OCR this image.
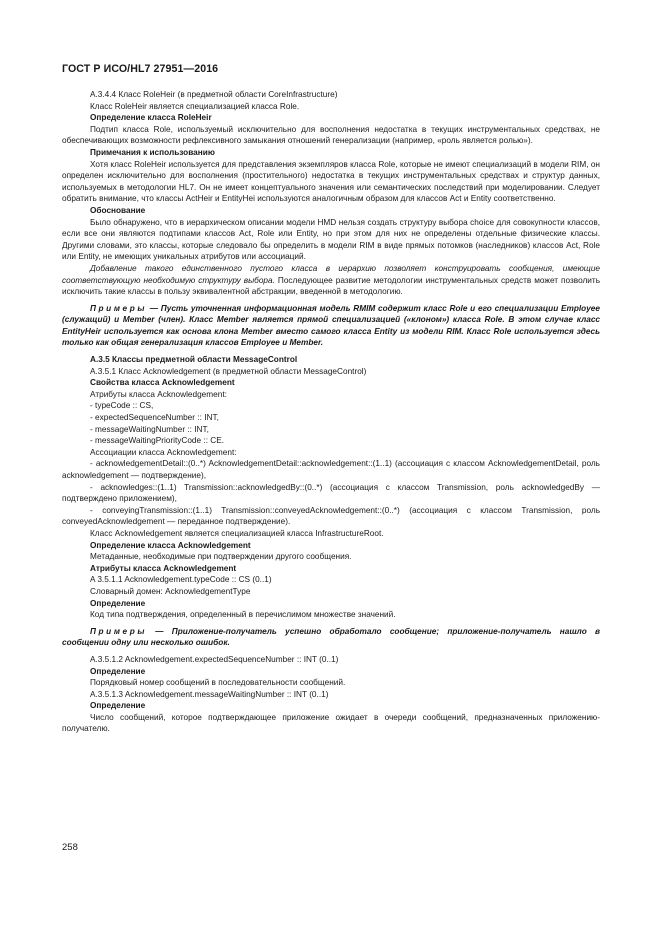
ГОСТ Р ИСО/HL7 27951—2016

A.3.4.4 Класс RoleHeir (в предметной области CoreInfrastructure)

Класс RoleHeir является специализацией класса Role.

Определение класса RoleHeir

Подтип класса Role, используемый исключительно для восполнения недостатка в текущих инструментальных средствах, не обеспечивающих возможности рефлексивного замыкания отношений генерализации (например, «роль является ролью»).

Примечания к использованию

Хотя класс RoleHeir используется для представления экземпляров класса Role, которые не имеют специализаций в модели RIM, он определен исключительно для восполнения (простительного) недостатка в текущих инструментальных средствах и структур данных, используемых в методологии HL7. Он не имеет концептуального значения или семантических последствий при моделировании. Следует обратить внимание, что классы ActHeir и EntityHei используются аналогичным образом для классов Act и Entity соответственно.

Обоснование

Было обнаружено, что в иерархическом описании модели HMD нельзя создать структуру выбора choice для совокупности классов, если все они являются подтипами классов Act, Role или Entity, но при этом для них не определены отдельные физические классы. Другими словами, это классы, которые следовало бы определить в модели RIM в виде прямых потомков (наследников) классов Act, Role или Entity, не имеющих уникальных атрибутов или ассоциаций.

Добавление такого единственного пустого класса в иерархию позволяет конструировать сообщения, имеющие соответствующую необходимую структуру выбора. Последующее развитие методологии инструментальных средств может позволить исключить такие классы в пользу эквивалентной абстракции, введенной в методологию.

Примеры — Пусть уточненная информационная модель RMIM содержит класс Role и его специализации Employee (служащий) и Member (член). Класс Member является прямой специализацией («клоном») класса Role. В этом случае класс EntityHeir используется как основа клона Member вместо самого класса Entity из модели RIM. Класс Role используется здесь только как общая генерализация классов Employee и Member.

A.3.5 Классы предметной области MessageControl

A.3.5.1 Класс Acknowledgement (в предметной области MessageControl)

Свойства класса Acknowledgement

Атрибуты класса Acknowledgement:

- typeCode :: CS,

- expectedSequenceNumber :: INT,

- messageWaitingNumber :: INT,

- messageWaitingPriorityCode :: CE.

Ассоциации класса Acknowledgement:

- acknowledgementDetail::(0..*) AcknowledgementDetail::acknowledgement::(1..1) (ассоциация с классом AcknowledgementDetail, роль acknowledgement — подтверждение),

- acknowledges::(1..1) Transmission::acknowledgedBy::(0..*) (ассоциация с классом Transmission, роль acknowledgedBy — подтверждено приложением),

- conveyingTransmission::(1..1) Transmission::conveyedAcknowledgement::(0..*) (ассоциация с классом Transmission, роль conveyedAcknowledgement — переданное подтверждение).

Класс Acknowledgement является специализацией класса InfrastructureRoot.

Определение класса Acknowledgement

Метаданные, необходимые при подтверждении другого сообщения.

Атрибуты класса Acknowledgement

A 3.5.1.1 Acknowledgement.typeCode :: CS (0..1)

Словарный домен: AcknowledgementType

Определение

Код типа подтверждения, определенный в перечислимом множестве значений.

Примеры — Приложение-получатель успешно обработало сообщение; приложение-получатель нашло в сообщении одну или несколько ошибок.

A.3.5.1.2 Acknowledgement.expectedSequenceNumber :: INT (0..1)

Определение

Порядковый номер сообщений в последовательности сообщений.

A.3.5.1.3 Acknowledgement.messageWaitingNumber :: INT (0..1)

Определение

Число сообщений, которое подтверждающее приложение ожидает в очереди сообщений, предназначенных приложению-получателю.

258
